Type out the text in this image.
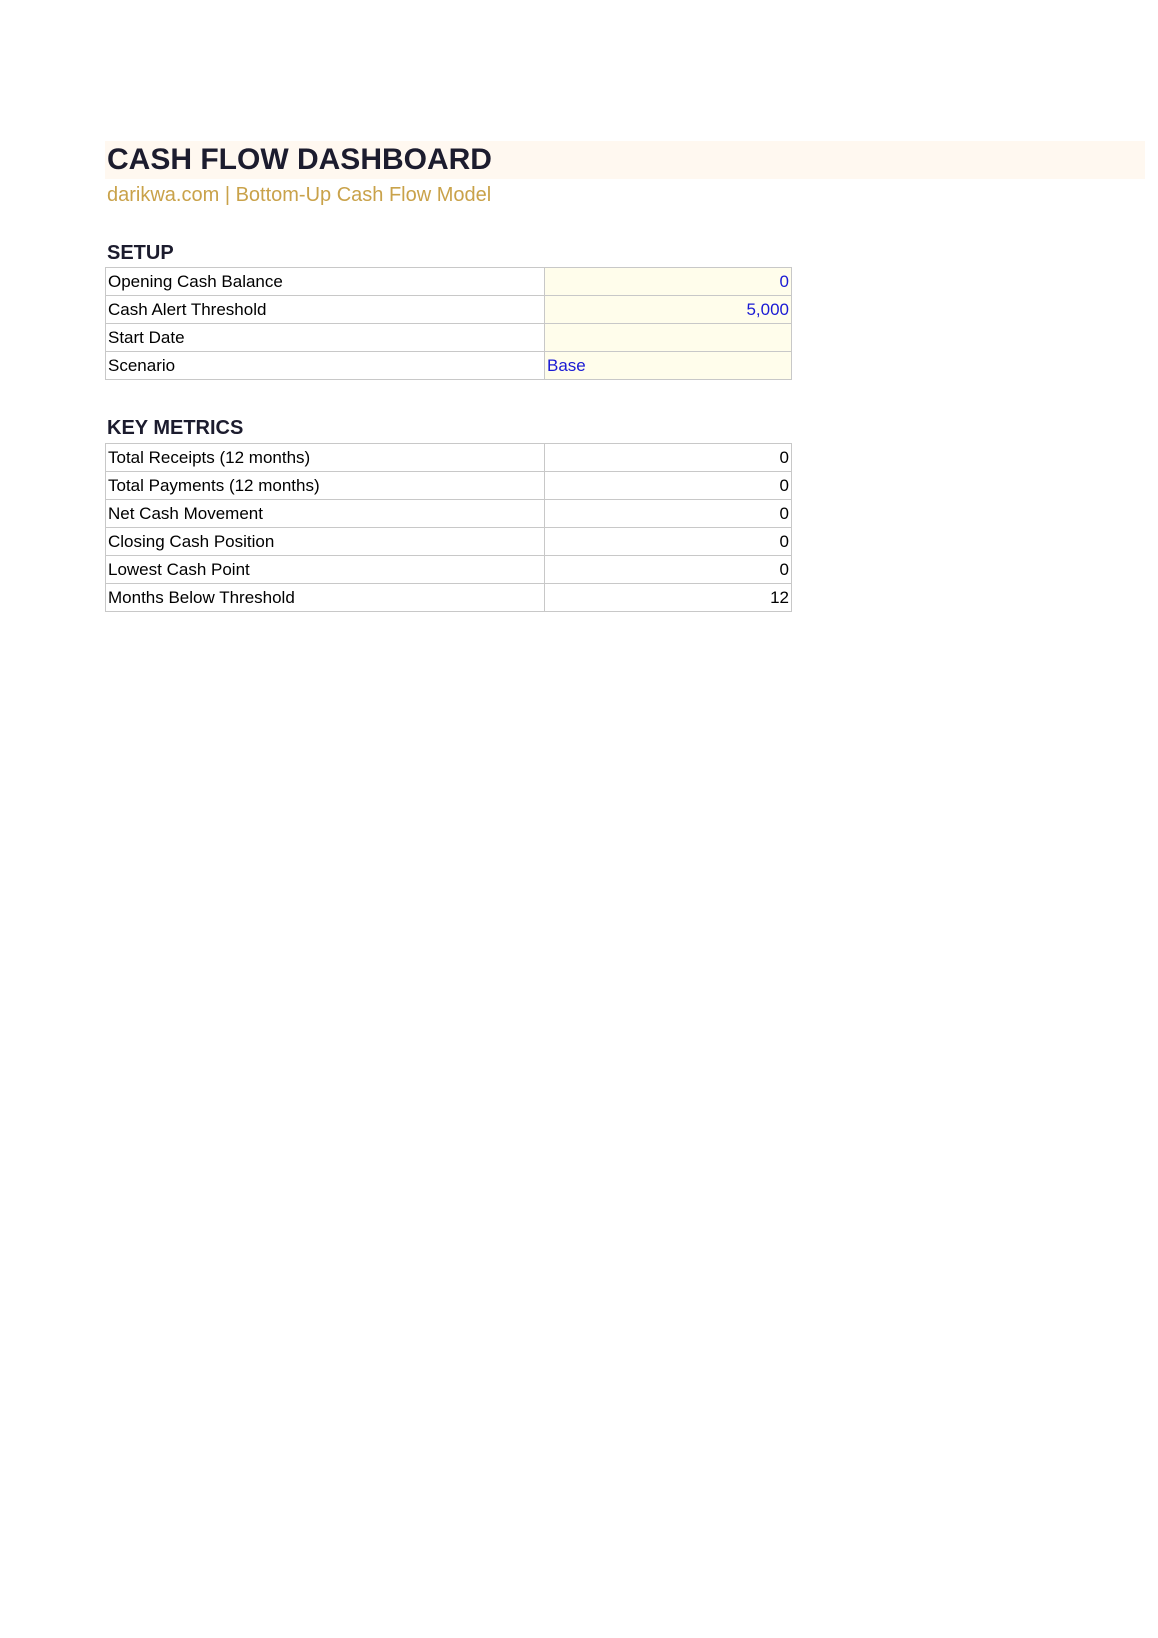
CASH FLOW DASHBOARD
darikwa.com | Bottom-Up Cash Flow Model
SETUP
Opening Cash Balance	0
Cash Alert Threshold	5,000
Start Date	
Scenario	Base
KEY METRICS
Total Receipts (12 months)	0
Total Payments (12 months)	0
Net Cash Movement	0
Closing Cash Position	0
Lowest Cash Point	0
Months Below Threshold	12
